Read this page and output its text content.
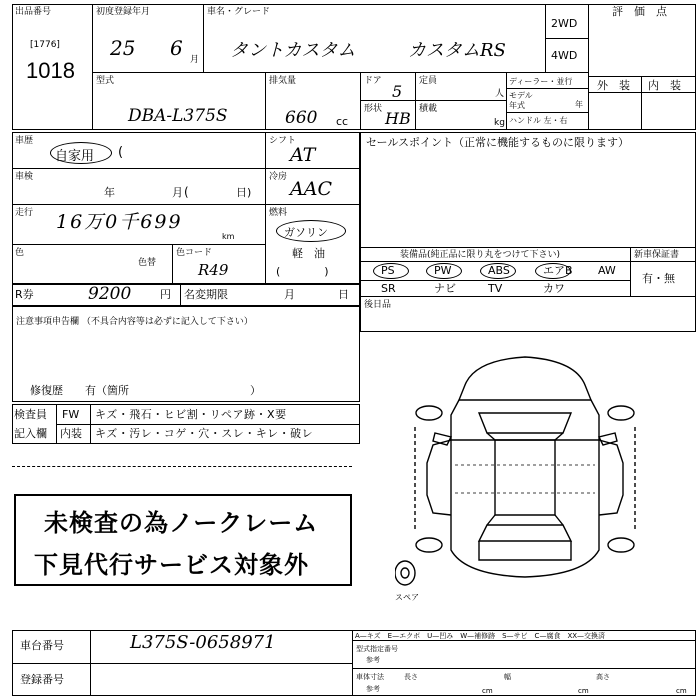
出品番号
[1776]
1018
初度登録年月
25 6 月
車名・グレード
タントカスタム	カスタムRS
2WD
4WD
評　価　点
外　装 内　装
型式
DBA-L375S
排気量
660 cc
ドア
5
形状 HB
定員
人
積載
kg
ディーラー・並行
モデル年式	年
ハンドル 左・右
車歴
自家用 (
車検
年	月	日)
(
走行 16万0千699
km
色
色替
色コード
R49
シフト
AT
冷房
AAC
燃料
ガソリン
軽　油
(　　　　)
セールスポイント（正常に機能するものに限ります）
装備品(純正品に限り丸をつけて下さい)	新車保証書
有・無
PS	PW	ABS	エアB AW
SR	ナビ	TV	カワ
後日品
R券	9200	円 名変期限	月	日
注意事項申告欄 （不具合内容等は必ずに記入して下さい）
修復歴　　有（箇所　　　　　　　　　　　）
検査員
記入欄
FW キズ・飛石・ヒビ割・リペア跡・X要
内装 キズ・汚レ・コゲ・穴・スレ・キレ・破レ
未検査の為ノークレーム
下見代行サービス対象外
スペア
車台番号	L375S-0658971
登録番号
A—キズ　E—エクボ　U—凹み　W—補修跡　S—サビ　C—腐食　XX—交換済
型式指定番号
参考
車体寸法
参考
長さ
cm
幅
cm
高さ
cm
